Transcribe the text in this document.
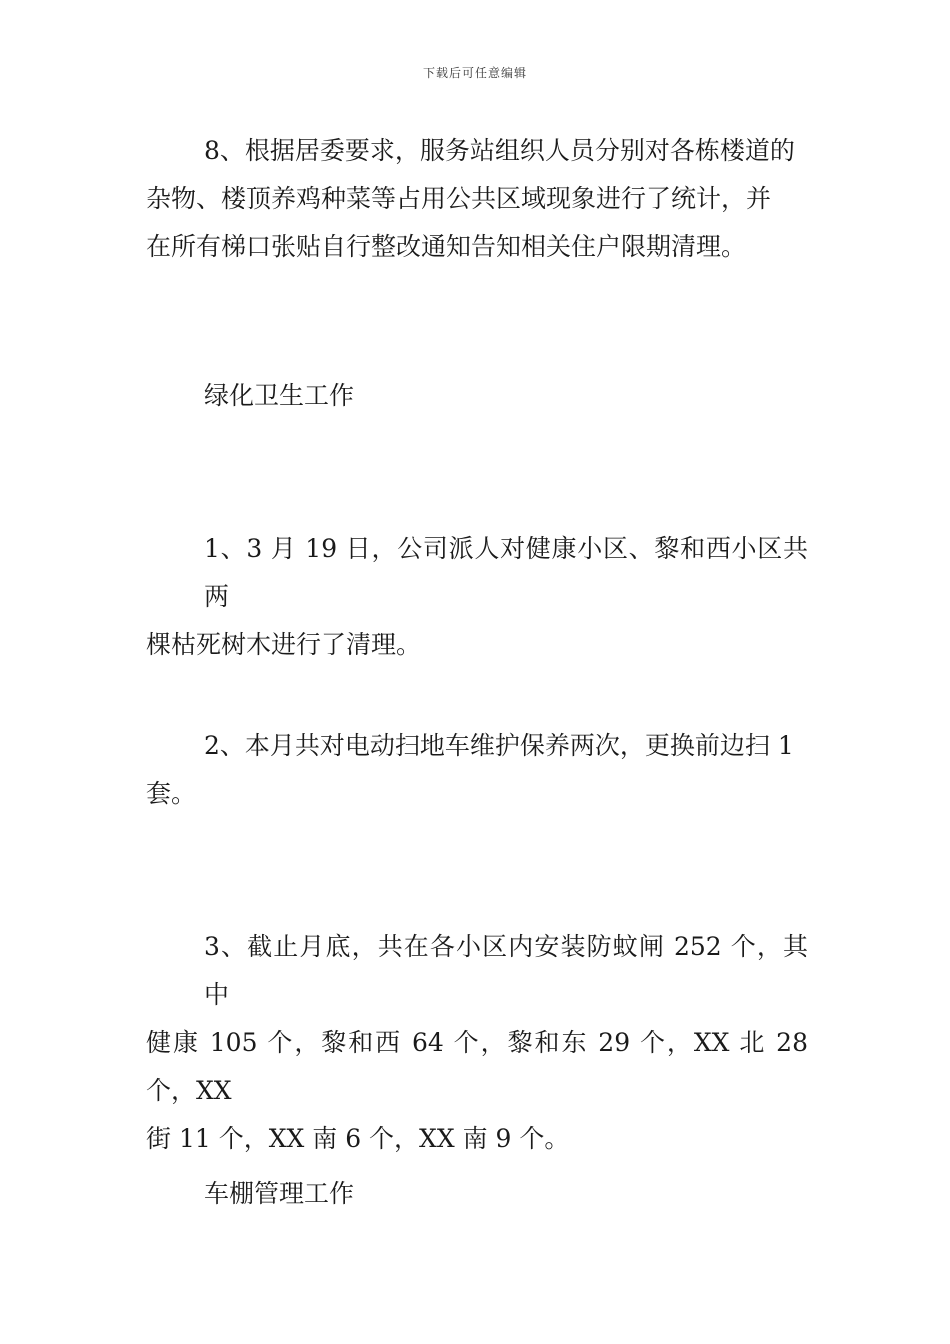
下载后可任意编辑

8、根据居委要求，服务站组织人员分别对各栋楼道的
杂物、楼顶养鸡种菜等占用公共区域现象进行了统计，并
在所有梯口张贴自行整改通知告知相关住户限期清理。

绿化卫生工作

1、3 月 19 日，公司派人对健康小区、黎和西小区共两
棵枯死树木进行了清理。

2、本月共对电动扫地车维护保养两次，更换前边扫 1
套。

3、截止月底，共在各小区内安装防蚊闸 252 个，其中
健康 105 个，黎和西 64 个，黎和东 29 个，XX 北 28 个，XX
街 11 个，XX 南 6 个，XX 南 9 个。

车棚管理工作
